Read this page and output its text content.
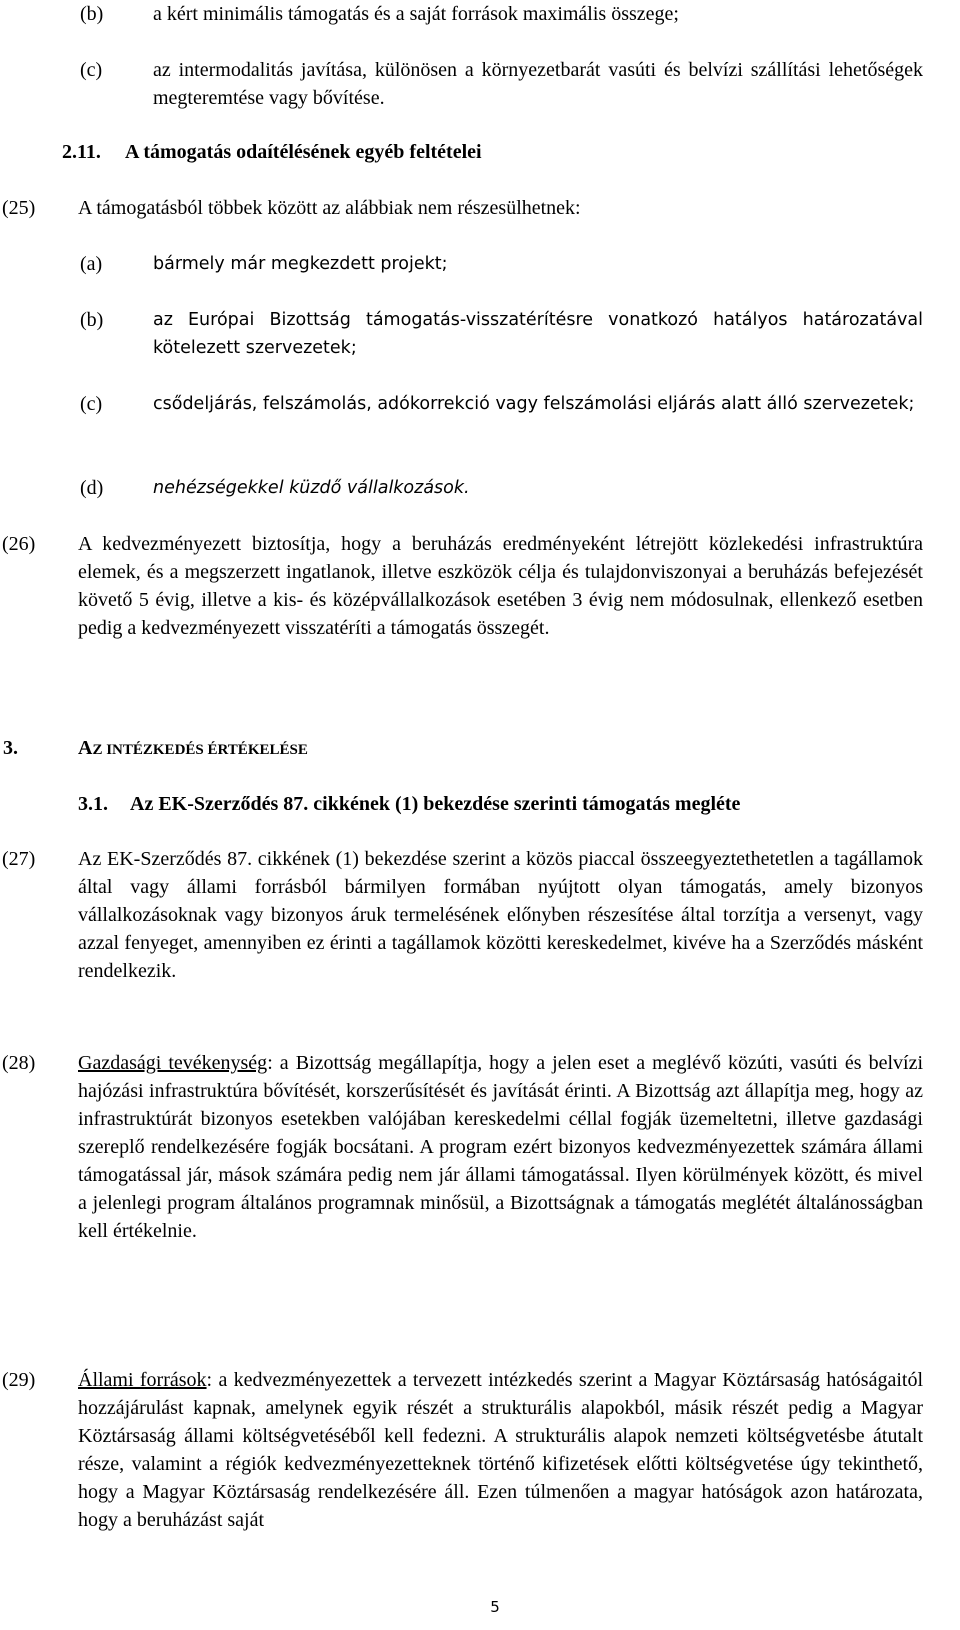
(b) a kért minimális támogatás és a saját források maximális összege;
(c)	az intermodalitás javítása, különösen a környezetbarát vasúti és belvízi szállítási lehetőségek megteremtése vagy bővítése.
2.11. A támogatás odaítélésének egyéb feltételei
(25) A támogatásból többek között az alábbiak nem részesülhetnek:
(a)	bármely már megkezdett projekt;
(b)	az Európai Bizottság támogatás-visszatérítésre vonatkozó hatályos határozatával kötelezett szervezetek;
(c)	csődeljárás, felszámolás, adókorrekció vagy felszámolási eljárás alatt álló szervezetek;
(d)	nehézségekkel küzdő vállalkozások.
(26) A kedvezményezett biztosítja, hogy a beruházás eredményeként létrejött közlekedési infrastruktúra elemek, és a megszerzett ingatlanok, illetve eszközök célja és tulajdonviszonyai a beruházás befejezését követő 5 évig, illetve a kis- és középvállalkozások esetében 3 évig nem módosulnak, ellenkező esetben pedig a kedvezményezett visszatéríti a támogatás összegét.
3.	AZ INTÉZKEDÉS ÉRTÉKELÉSE
3.1. Az EK-Szerződés 87. cikkének (1) bekezdése szerinti támogatás megléte
(27) Az EK-Szerződés 87. cikkének (1) bekezdése szerint a közös piaccal összeegyeztethetetlen a tagállamok által vagy állami forrásból bármilyen formában nyújtott olyan támogatás, amely bizonyos vállalkozásoknak vagy bizonyos áruk termelésének előnyben részesítése által torzítja a versenyt, vagy azzal fenyeget, amennyiben ez érinti a tagállamok közötti kereskedelmet, kivéve ha a Szerződés másként rendelkezik.
(28) Gazdasági tevékenység: a Bizottság megállapítja, hogy a jelen eset a meglévő közúti, vasúti és belvízi hajózási infrastruktúra bővítését, korszerűsítését és javítását érinti. A Bizottság azt állapítja meg, hogy az infrastruktúrát bizonyos esetekben valójában kereskedelmi céllal fogják üzemeltetni, illetve gazdasági szereplő rendelkezésére fogják bocsátani. A program ezért bizonyos kedvezményezettek számára állami támogatással jár, mások számára pedig nem jár állami támogatással. Ilyen körülmények között, és mivel a jelenlegi program általános programnak minősül, a Bizottságnak a támogatás meglétét általánosságban kell értékelnie.
(29) Állami források: a kedvezményezettek a tervezett intézkedés szerint a Magyar Köztársaság hatóságaitól hozzájárulást kapnak, amelynek egyik részét a strukturális alapokból, másik részét pedig a Magyar Köztársaság állami költségvetéséből kell fedezni. A strukturális alapok nemzeti költségvetésbe átutalt része, valamint a régiók kedvezményezetteknek történő kifizetések előtti költségvetése úgy tekinthető, hogy a Magyar Köztársaság rendelkezésére áll. Ezen túlmenően a magyar hatóságok azon határozata, hogy a beruházást saját
5
